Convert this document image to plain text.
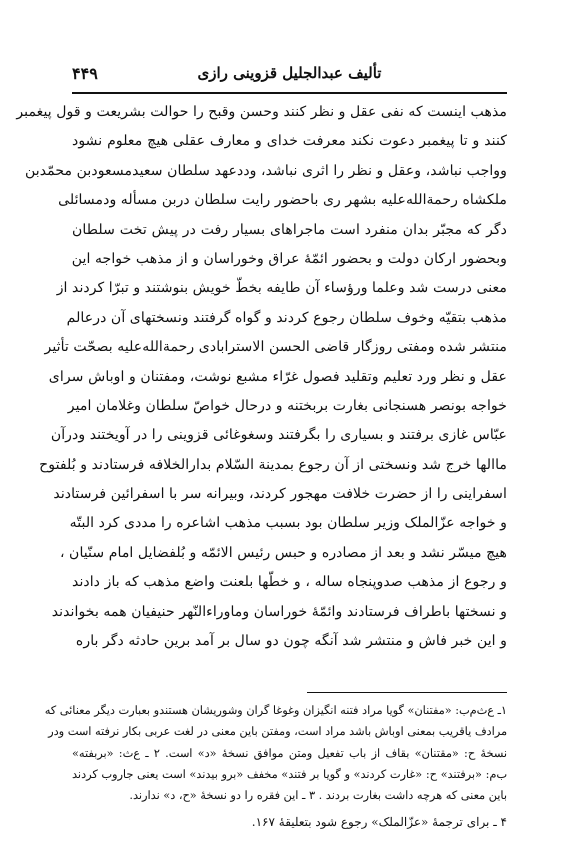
تألیف عبدالجلیل قزوینی رازی
۴۴۹
مذهب اینست که نفی عقل و نظر کنند وحسن وقبح را حوالت بشریعت و قول پیغمبر
کنند و تا پیغمبر دعوت نکند معرفت خدای و معارف عقلی هیچ معلوم نشود
وواجب نباشد، وعقل و نظر را اثری نباشد، وددعهد سلطان سعیدمسعودبن محمّدبن
ملکشاه رحمةالله‌علیه بشهر ری باحضور رایت سلطان دربن مسأله ودمسائلی
دگر که مجبّر بدان منفرد است ماجراهای بسیار رفت در پیش تخت سلطان
وبحضور ارکان دولت و بحضور ائمّهٔ عراق وخوراسان و از مذهب خواجه این
معنی درست شد وعلما ورؤساء آن طایفه بخطّ خویش بنوشتند و تبرّا کردند از
مذهب بتقیّه وخوف سلطان رجوع کردند و گواه گرفتند ونسختهای آن درعالم
منتشر شده ومفتی روزگار قاضی الحسن الاسترابادی رحمةالله‌علیه بصحّت تأثیر
عقل و نظر ورد تعلیم وتقلید فصول غرّاء مشبع نوشت، ومفتنان و اوباش سرای
خواجه بونصر هسنجانی بغارت بربختنه و درحال خواصّ سلطان وغلامان امیر
عبّاس غازی برفتند و بسیاری را بگرفتند وسغوغائی قزوینی را در آویختند ودرآن
ماالها خرج شد ونسختی از آن رجوع بمدینة السّلام بدارالخلافه فرستادند و بُلفتوح
اسفراینی را از حضرت خلافت مهجور کردند، وبیرانه سر با اسفرائین فرستادند
و خواجه عزّالملک وزیر سلطان بود بسبب مذهب اشاعره را مددی کرد البتّه
هیچ میسّر نشد و بعد از مصادره و حبس رئیس الائمّه و بُلفضایل امام سنّیان ،
و رجوع از مذهب صدوپنجاه ساله ، و خطّها بلعنت واضع مذهب که باز دادند
و نسختها باطراف فرستادند وائمّهٔ خوراسان وماوراءالنّهر حنیفیان همه بخواندند
و این خبر فاش و منتشر شد آنگه چون دو سال بر آمد برین حادثه دگر باره
۱ـ ع‌ث‌م‌ب: «مفتنان» گویا مراد فتنه انگیزان وغوغا گران وشوریشان هستندو بعبارت دیگر معنائی که
مرادف یاقریب بمعنی اوباش باشد مراد است، ومفتن باین معنی در لغت عربی بکار نرفته است ودر
نسخهٔ ح: «مقتنان» بقاف از باب تفعیل ومتن موافق نسخهٔ «د» است. ۲ ـ ع‌ث: «بربفته»
ب‌م: «برفتند» ح: «غارت کردند» و گویا بر فتند» مخفف «برو بیدند» است یعنی جاروب کردند
باین معنی که هرچه داشت بغارت بردند . ۳ ـ این فقره را دو نسخهٔ «ح، د» ندارند.
۴ ـ برای ترجمهٔ «عزّالملک» رجوع شود بتعلیقهٔ ۱۶۷.
